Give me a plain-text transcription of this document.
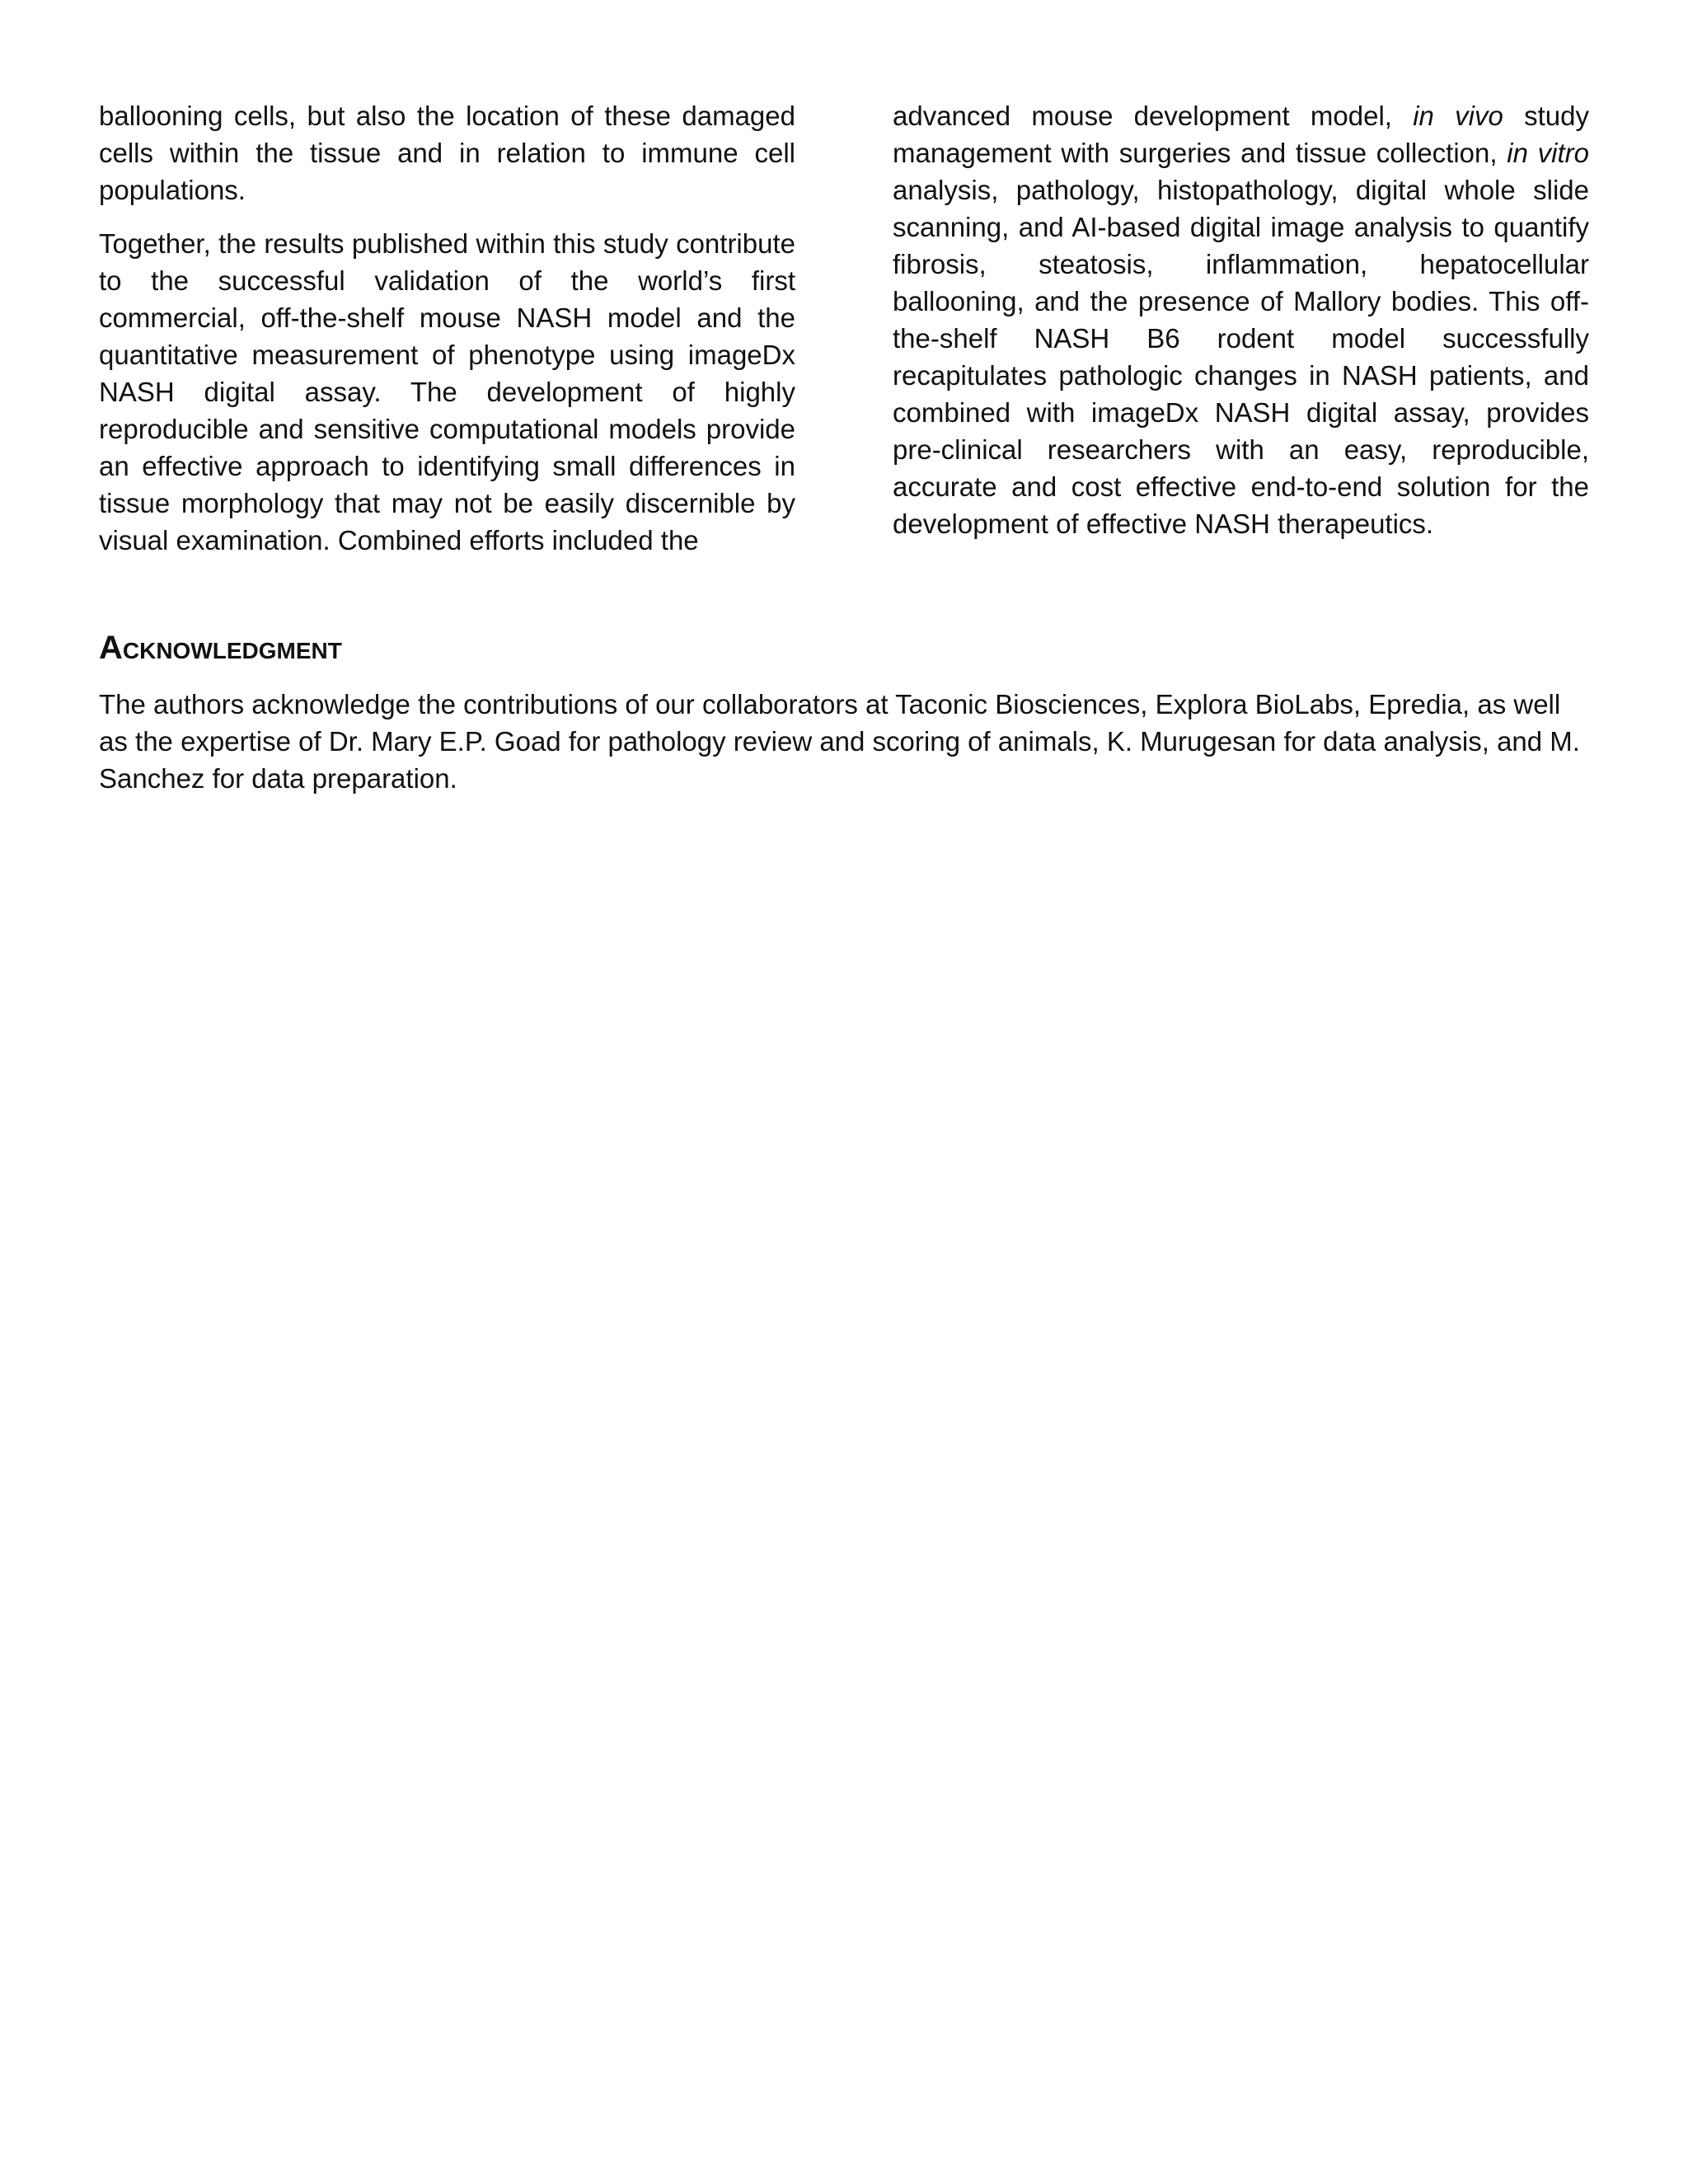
ballooning cells, but also the location of these damaged cells within the tissue and in relation to immune cell populations.

Together, the results published within this study contribute to the successful validation of the world’s first commercial, off-the-shelf mouse NASH model and the quantitative measurement of phenotype using imageDx NASH digital assay. The development of highly reproducible and sensitive computational models provide an effective approach to identifying small differences in tissue morphology that may not be easily discernible by visual examination. Combined efforts included the

advanced mouse development model, in vivo study management with surgeries and tissue collection, in vitro analysis, pathology, histopathology, digital whole slide scanning, and AI-based digital image analysis to quantify fibrosis, steatosis, inflammation, hepatocellular ballooning, and the presence of Mallory bodies. This off-the-shelf NASH B6 rodent model successfully recapitulates pathologic changes in NASH patients, and combined with imageDx NASH digital assay, provides pre-clinical researchers with an easy, reproducible, accurate and cost effective end-to-end solution for the development of effective NASH therapeutics.

Acknowledgment

The authors acknowledge the contributions of our collaborators at Taconic Biosciences, Explora BioLabs, Epredia, as well as the expertise of Dr. Mary E.P. Goad for pathology review and scoring of animals, K. Murugesan for data analysis, and M. Sanchez for data preparation.
